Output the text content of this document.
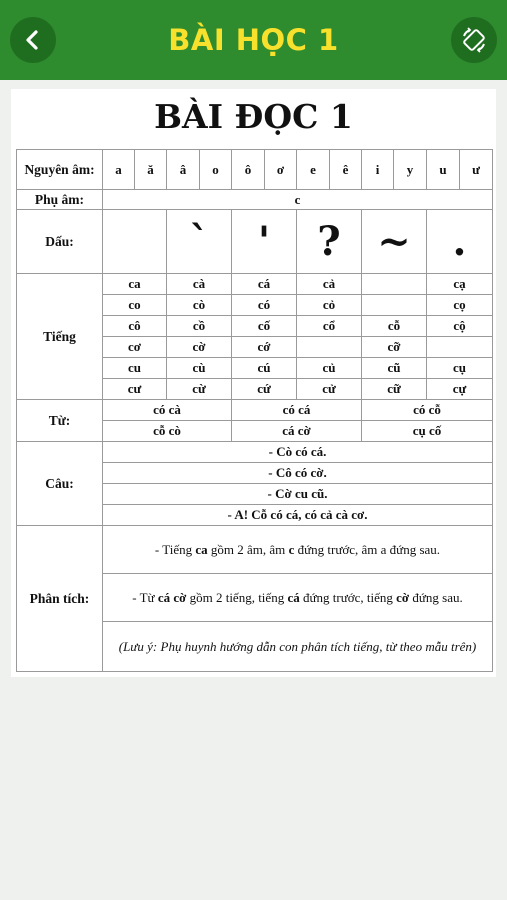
BÀI HỌC 1
BÀI ĐỌC 1
Nguyên âm:	a	ă	â	o	ô	ơ	e	ê	i	y	u	ư
Phụ âm:	c											
Dấu:			`		'		?		~		.	
Tiếng	ca		cà		cá		cả				cạ	
	co		cò		có		cỏ				cọ	
	cô		cồ		cố		cổ		cỗ		cộ	
	cơ		cờ		cớ				cỡ			
	cu		cù		cú		củ		cũ		cụ	
	cư		cừ		cứ		cử		cữ		cự	
Từ:	có cà				có cá				có cỗ			
	cỗ cò				cá cờ				cụ cố			
Câu:	- Cò có cá.											
	- Cô có cờ.											
	- Cờ cu cũ.											
	- A! Cỗ có cá, có cả cà cơ.											
Phân tích:	- Tiếng ca gồm 2 âm, âm c đứng trước, âm a đứng sau.											
	- Từ cá cờ gồm 2 tiếng, tiếng cá đứng trước, tiếng cờ đứng sau.											
	(Lưu ý: Phụ huynh hướng dẫn con phân tích tiếng, từ theo mẫu trên)											
